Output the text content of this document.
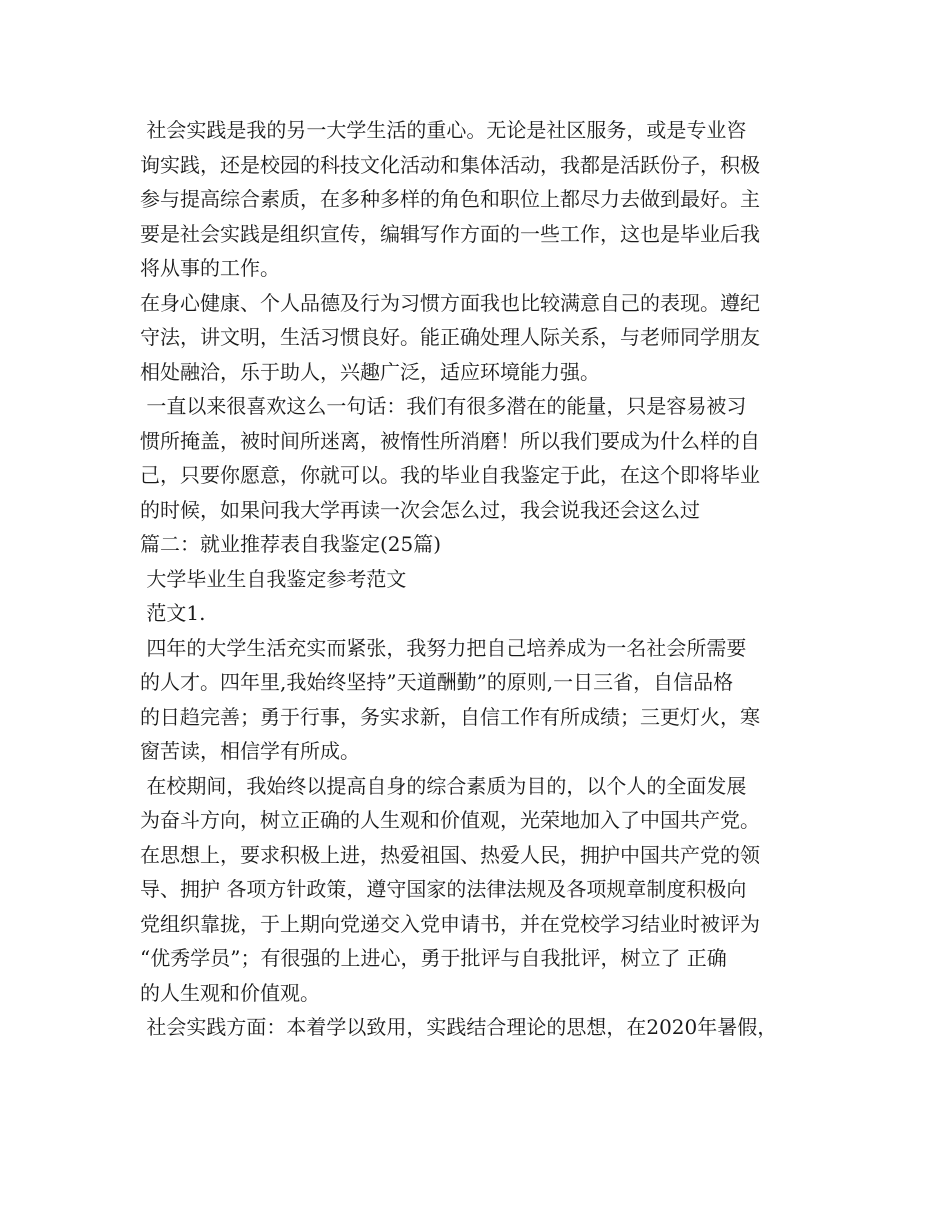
社会实践是我的另一大学生活的重心。无论是社区服务，或是专业咨
询实践，还是校园的科技文化活动和集体活动，我都是活跃份子，积极
参与提高综合素质，在多种多样的角色和职位上都尽力去做到最好。主
要是社会实践是组织宣传，编辑写作方面的一些工作，这也是毕业后我
将从事的工作。
在身心健康、个人品德及行为习惯方面我也比较满意自己的表现。遵纪
守法，讲文明，生活习惯良好。能正确处理人际关系，与老师同学朋友
相处融洽，乐于助人，兴趣广泛，适应环境能力强。
一直以来很喜欢这么一句话：我们有很多潜在的能量，只是容易被习
惯所掩盖，被时间所迷离，被惰性所消磨！所以我们要成为什么样的自
己，只要你愿意，你就可以。我的毕业自我鉴定于此，在这个即将毕业
的时候，如果问我大学再读一次会怎么过，我会说我还会这么过
篇二：就业推荐表自我鉴定(25篇)
大学毕业生自我鉴定参考范文
范文1.
四年的大学生活充实而紧张，我努力把自己培养成为一名社会所需要
的人才。四年里,我始终坚持”天道酬勤”的原则,一日三省，自信品格
的日趋完善；勇于行事，务实求新，自信工作有所成绩；三更灯火，寒
窗苦读，相信学有所成。
在校期间，我始终以提高自身的综合素质为目的，以个人的全面发展
为奋斗方向，树立正确的人生观和价值观，光荣地加入了中国共产党。
在思想上，要求积极上进，热爱祖国、热爱人民，拥护中国共产党的领
导、拥护 各项方针政策，遵守国家的法律法规及各项规章制度积极向
党组织靠拢，于上期向党递交入党申请书，并在党校学习结业时被评为
“优秀学员”；有很强的上进心，勇于批评与自我批评，树立了 正确
的人生观和价值观。
社会实践方面：本着学以致用，实践结合理论的思想，在2020年暑假，
